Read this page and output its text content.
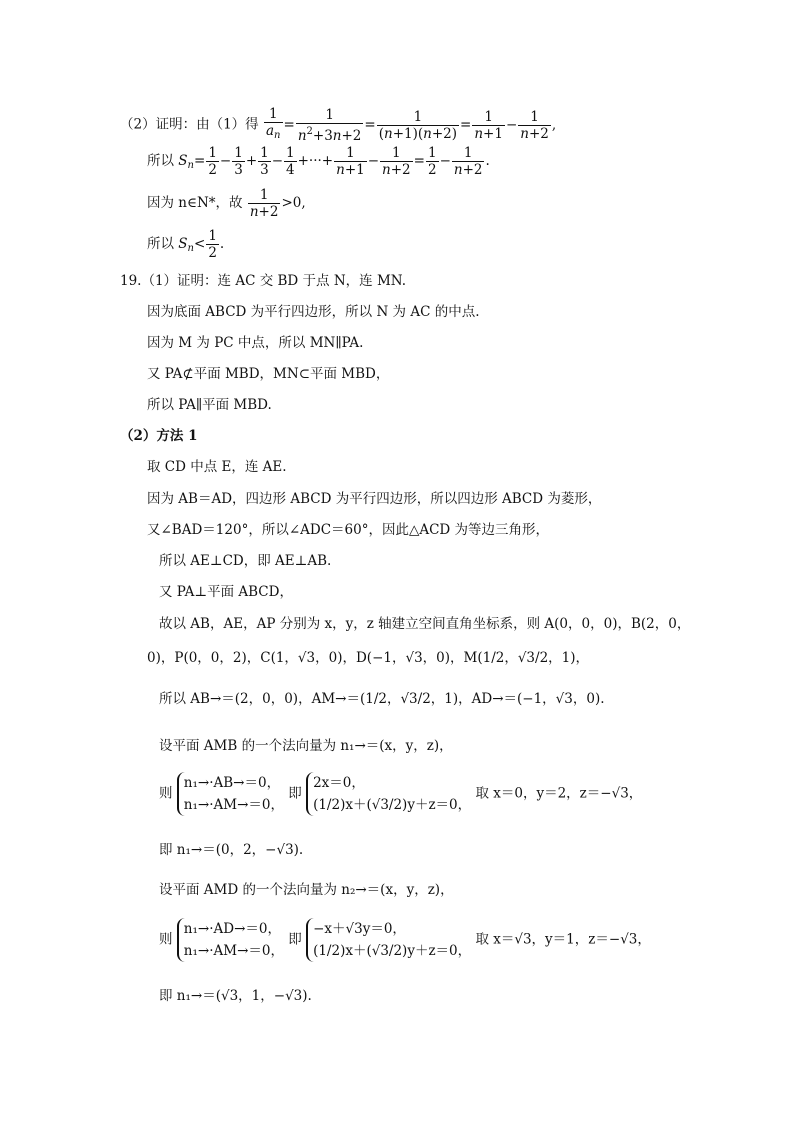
（2）证明：由（1）得 $\frac{1}{a_n} = \frac{1}{n^2+3n+2} = \frac{1}{(n+1)(n+2)} = \frac{1}{n+1} - \frac{1}{n+2}$ ,
所以 $S_n= \frac{1}{2} - \frac{1}{3} + \frac{1}{3} - \frac{1}{4}$ +···+ $\frac{1}{n+1} - \frac{1}{n+2} = \frac{1}{2} - \frac{1}{n+2}$ .
因为 n∈N*，故 $\frac{1}{n+2} >0$,
所以 $S_n< \frac{1}{2}$ .
19.（1）证明：连 AC 交 BD 于点 N，连 MN.
因为底面 ABCD 为平行四边形，所以 N 为 AC 的中点.
因为 M 为 PC 中点，所以 MN∥PA.
又 PA⊄平面 MBD，MN⊂平面 MBD，
所以 PA∥平面 MBD.
（2）方法 1
取 CD 中点 E，连 AE.
因为 AB＝AD，四边形 ABCD 为平行四边形，所以四边形 ABCD 为菱形，
又∠BAD＝120°，所以∠ADC＝60°，因此△ACD 为等边三角形，
所以 AE⊥CD，即 AE⊥AB.
又 PA⊥平面 ABCD，
故以 AB，AE，AP 分别为 x，y，z 轴建立空间直角坐标系，则 A(0，0，0)，B(2，0，
0)，P(0，0，2)，C(1，√3，0)，D(−1，√3，0)，M(1/2，√3/2，1)，
所以 AB→＝(2，0，0)，AM→＝(1/2，√3/2，1)，AD→＝(−1，√3，0).
设平面 AMB 的一个法向量为 n₁→＝(x，y，z)，
则
n₁→·AB→＝0，
n₁→·AM→＝0，
即
2x＝0，
(1/2)x＋(√3/2)y＋z＝0，
取 x＝0，y＝2，z＝−√3，
即 n₁→＝(0，2，−√3).
设平面 AMD 的一个法向量为 n₂→＝(x，y，z)，
则
n₁→·AD→＝0，
n₁→·AM→＝0，
即
−x＋√3y＝0，
(1/2)x＋(√3/2)y＋z＝0，
取 x＝√3，y＝1，z＝−√3，
即 n₁→＝(√3，1，−√3).
